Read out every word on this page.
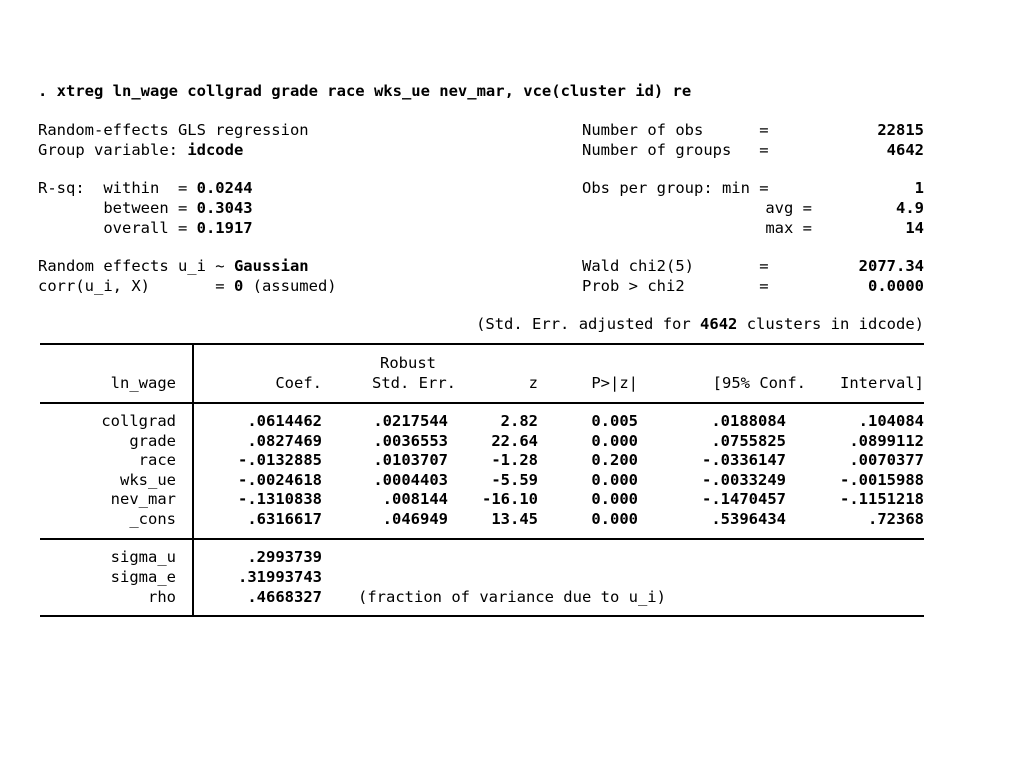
. xtreg ln_wage collgrad grade race wks_ue nev_mar, vce(cluster id) re
Random-effects GLS regression
Group variable: idcode
R-sq:  within  = 0.0244
between = 0.3043
overall = 0.1917
Random effects u_i ~ Gaussian
corr(u_i, X)       = 0 (assumed)
Number of obs      =	22815
Number of groups   =	4642
Obs per group: min =	1
avg =	4.9
max =	14
Wald chi2(5)       =	2077.34
Prob > chi2        =	0.0000
(Std. Err. adjusted for 4642 clusters in idcode)
Robust
ln_wage	Coef.	Std. Err.	z	P>|z|	[95% Conf.	Interval]
collgrad	.0614462	.0217544	2.82	0.005	.0188084	.104084
grade	.0827469	.0036553	22.64	0.000	.0755825	.0899112
race	-.0132885	.0103707	-1.28	0.200	-.0336147	.0070377
wks_ue	-.0024618	.0004403	-5.59	0.000	-.0033249	-.0015988
nev_mar	-.1310838	.008144	-16.10	0.000	-.1470457	-.1151218
_cons	.6316617	.046949	13.45	0.000	.5396434	.72368
sigma_u	.2993739
sigma_e	.31993743
rho	.4668327 (fraction of variance due to u_i)
